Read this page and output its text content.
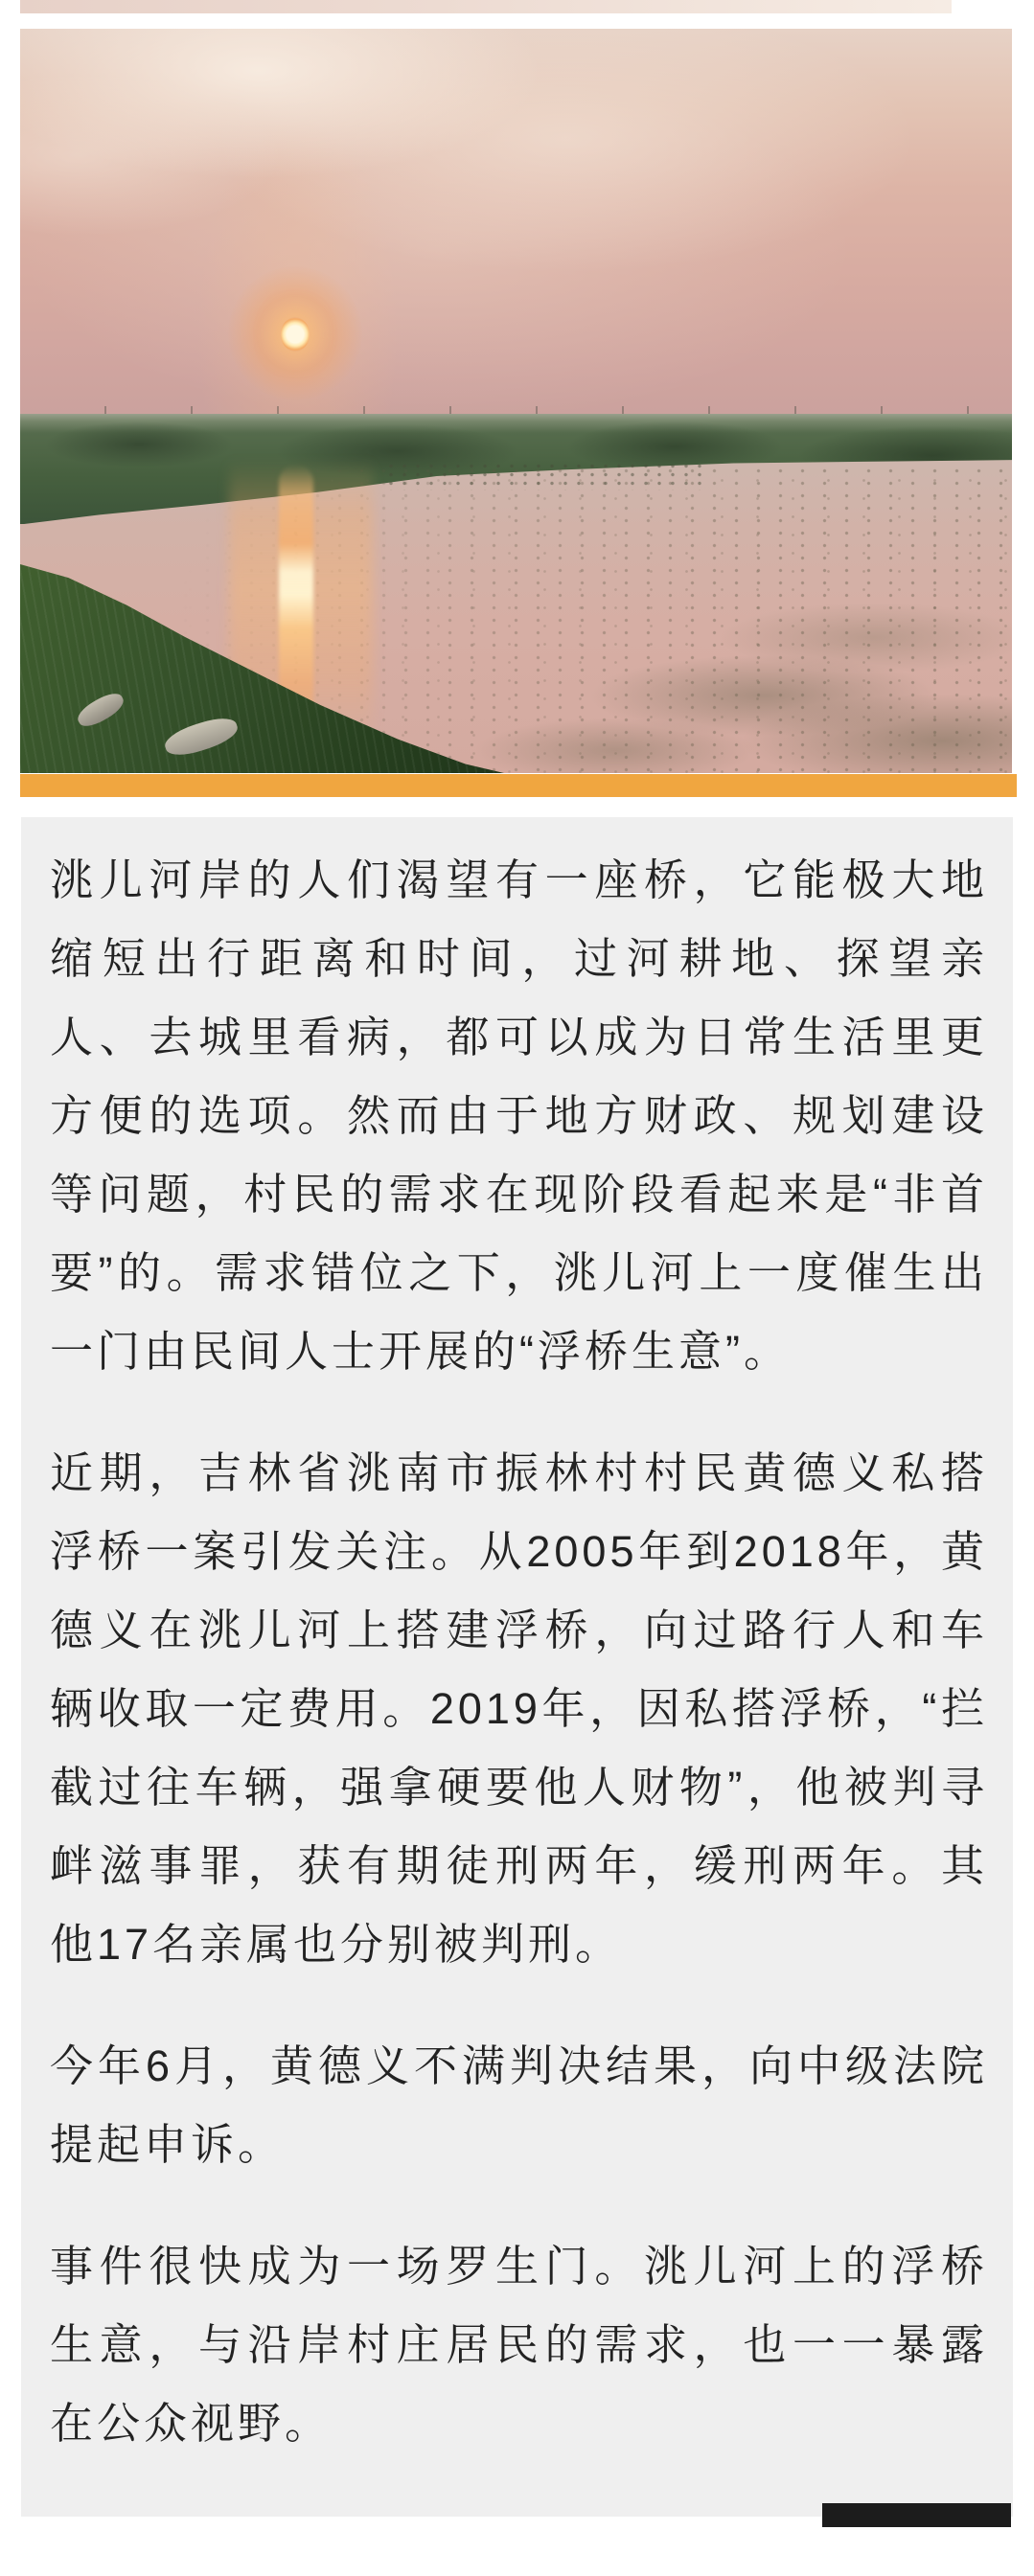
洮儿河岸的人们渴望有一座桥，它能极大地缩短出行距离和时间，过河耕地、探望亲人、去城里看病，都可以成为日常生活里更方便的选项。然而由于地方财政、规划建设等问题，村民的需求在现阶段看起来是“非首要”的。需求错位之下，洮儿河上一度催生出一门由民间人士开展的“浮桥生意”。

近期，吉林省洮南市振林村村民黄德义私搭浮桥一案引发关注。从2005年到2018年，黄德义在洮儿河上搭建浮桥，向过路行人和车辆收取一定费用。2019年，因私搭浮桥，“拦截过往车辆，强拿硬要他人财物”，他被判寻衅滋事罪，获有期徒刑两年，缓刑两年。其他17名亲属也分别被判刑。

今年6月，黄德义不满判决结果，向中级法院提起申诉。

事件很快成为一场罗生门。洮儿河上的浮桥生意，与沿岸村庄居民的需求，也一一暴露在公众视野。
